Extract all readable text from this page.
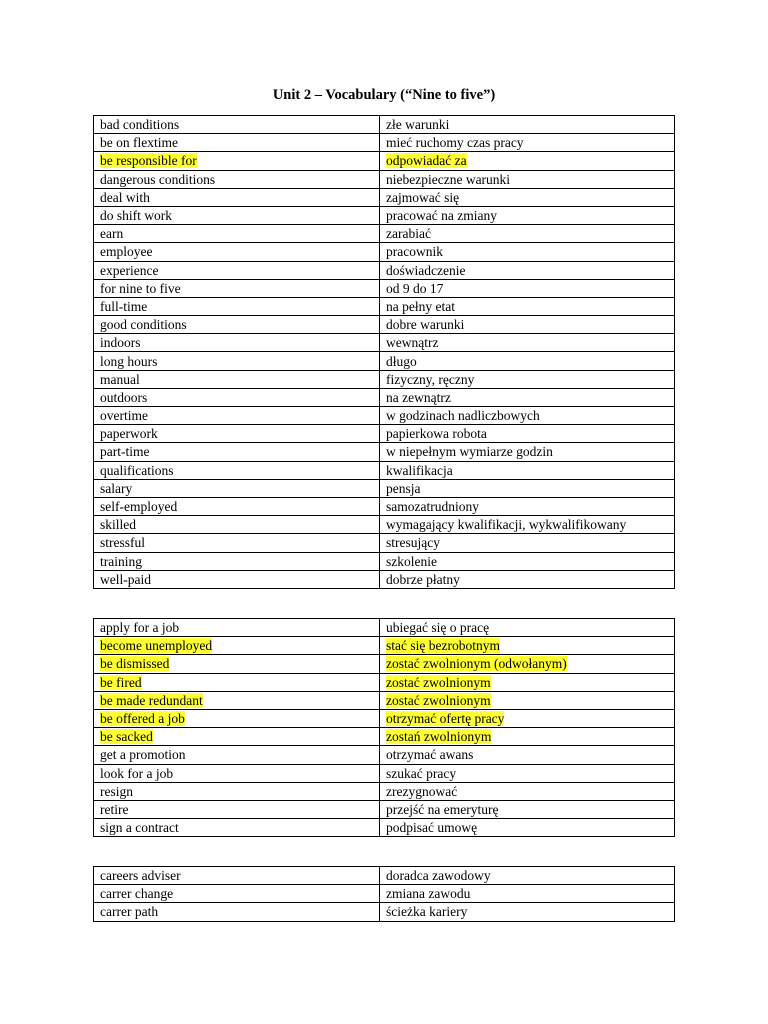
Unit 2 – Vocabulary (“Nine to five”)
bad conditions	złe warunki
be on flextime	mieć ruchomy czas pracy
be responsible for	odpowiadać za
dangerous conditions	niebezpieczne warunki
deal with	zajmować się
do shift work	pracować na zmiany
earn	zarabiać
employee	pracownik
experience	doświadczenie
for nine to five	od 9 do 17
full-time	na pełny etat
good conditions	dobre warunki
indoors	wewnątrz
long hours	długo
manual	fizyczny, ręczny
outdoors	na zewnątrz
overtime	w godzinach nadliczbowych
paperwork	papierkowa robota
part-time	w niepełnym wymiarze godzin
qualifications	kwalifikacja
salary	pensja
self-employed	samozatrudniony
skilled	wymagający kwalifikacji, wykwalifikowany
stressful	stresujący
training	szkolenie
well-paid	dobrze płatny
apply for a job	ubiegać się o pracę
become unemployed	stać się bezrobotnym
be dismissed	zostać zwolnionym (odwołanym)
be fired	zostać zwolnionym
be made redundant	zostać zwolnionym
be offered a job	otrzymać ofertę pracy
be sacked	zostań zwolnionym
get a promotion	otrzymać awans
look for a job	szukać pracy
resign	zrezygnować
retire	przejść na emeryturę
sign a contract	podpisać umowę
careers adviser	doradca zawodowy
carrer change	zmiana zawodu
carrer path	ścieżka kariery
